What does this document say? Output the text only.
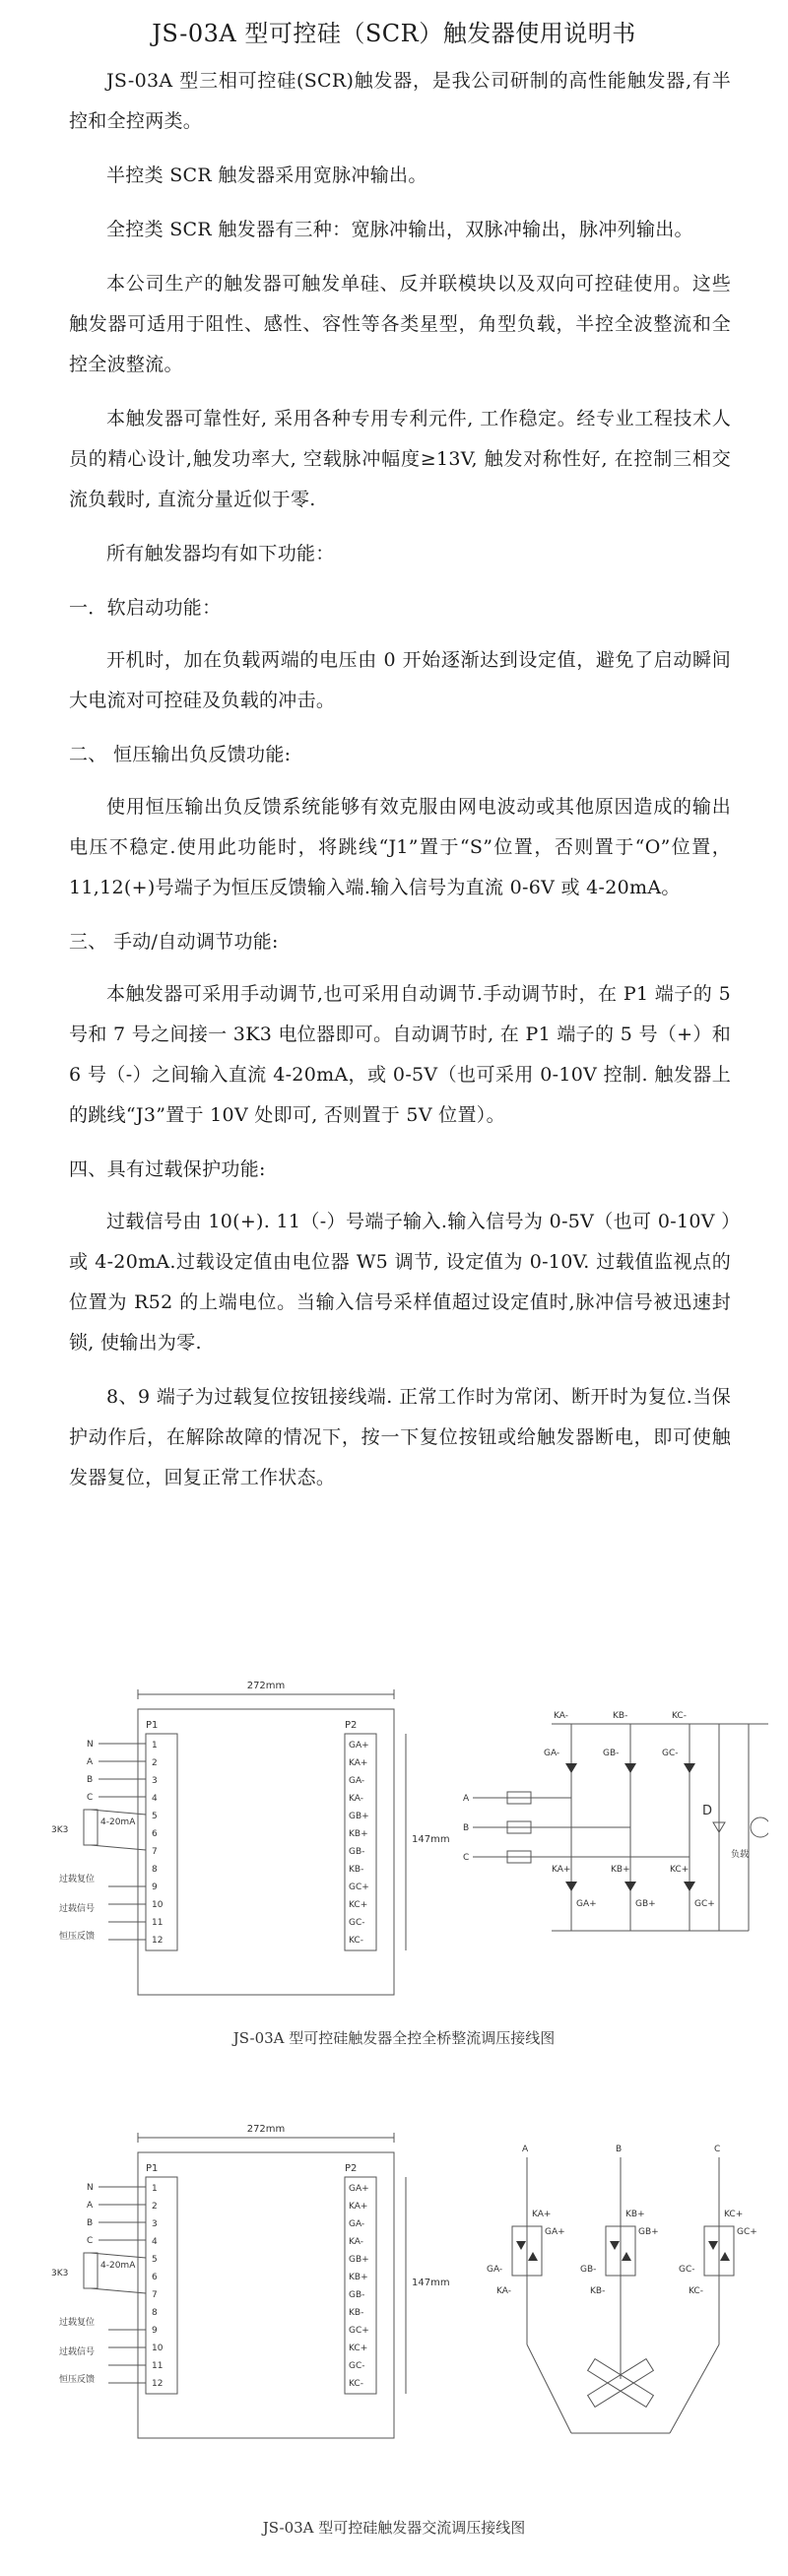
JS-03A 型可控硅（SCR）触发器使用说明书

JS-03A 型三相可控硅(SCR)触发器，是我公司研制的高性能触发器,有半控和全控两类。

半控类 SCR 触发器采用宽脉冲输出。

全控类 SCR 触发器有三种：宽脉冲输出，双脉冲输出，脉冲列输出。

本公司生产的触发器可触发单硅、反并联模块以及双向可控硅使用。这些触发器可适用于阻性、感性、容性等各类星型，角型负载，半控全波整流和全控全波整流。

本触发器可靠性好, 采用各种专用专利元件, 工作稳定。经专业工程技术人员的精心设计,触发功率大, 空载脉冲幅度≥13V, 触发对称性好, 在控制三相交流负载时, 直流分量近似于零.

所有触发器均有如下功能：

一．软启动功能：

开机时，加在负载两端的电压由 0 开始逐渐达到设定值，避免了启动瞬间大电流对可控硅及负载的冲击。

二、 恒压输出负反馈功能:

使用恒压输出负反馈系统能够有效克服由网电波动或其他原因造成的输出电压不稳定.使用此功能时，将跳线“J1”置于“S”位置，否则置于“O”位置， 11,12(+)号端子为恒压反馈输入端.输入信号为直流 0-6V 或 4-20mA。

三、 手动/自动调节功能:

本触发器可采用手动调节,也可采用自动调节.手动调节时，在 P1 端子的 5 号和 7 号之间接一 3K3 电位器即可。自动调节时, 在 P1 端子的 5 号（+）和 6 号（-）之间输入直流 4-20mA，或 0-5V（也可采用 0-10V 控制. 触发器上的跳线“J3”置于 10V 处即可, 否则置于 5V 位置）。

四、具有过载保护功能:

过载信号由 10(+). 11（-）号端子输入.输入信号为 0-5V（也可 0-10V ）或 4-20mA.过载设定值由电位器 W5 调节, 设定值为 0-10V. 过载值监视点的位置为 R52 的上端电位。当输入信号采样值超过设定值时,脉冲信号被迅速封锁, 使输出为零.

8、9 端子为过载复位按钮接线端. 正常工作时为常闭、断开时为复位.当保护动作后，在解除故障的情况下，按一下复位按钮或给触发器断电，即可使触发器复位，回复正常工作状态。

272mm
147mm
P1	P2
1
2
3
4
5
6
7
8
9
10
11
12
GA+
KA+
GA-
KA-
GB+
KB+
GB-
KB-
GC+
KC+
GC-
KC-
N
A
B
C
4-20mA
3K3
过载复位
过载信号
恒压反馈
KA-	KB-	KC-
GA-	GB-	GC-
KA+	KB+	KC+
GA+	GB+	GC+
A
B
C
D
负载
JS-03A 型可控硅触发器全控全桥整流调压接线图
272mm
147mm
P1	P2
1
2
3
4
5
6
7
8
9
10
11
12
GA+
KA+
GA-
KA-
GB+
KB+
GB-
KB-
GC+
KC+
GC-
KC-
N
A
B
C
4-20mA
3K3
过载复位
过载信号
恒压反馈
A	B	C
KA+	KB+	KC+
GA+	GB+	GC+
GA-	GB-	GC-
KA-	KB-	KC-
JS-03A 型可控硅触发器交流调压接线图
